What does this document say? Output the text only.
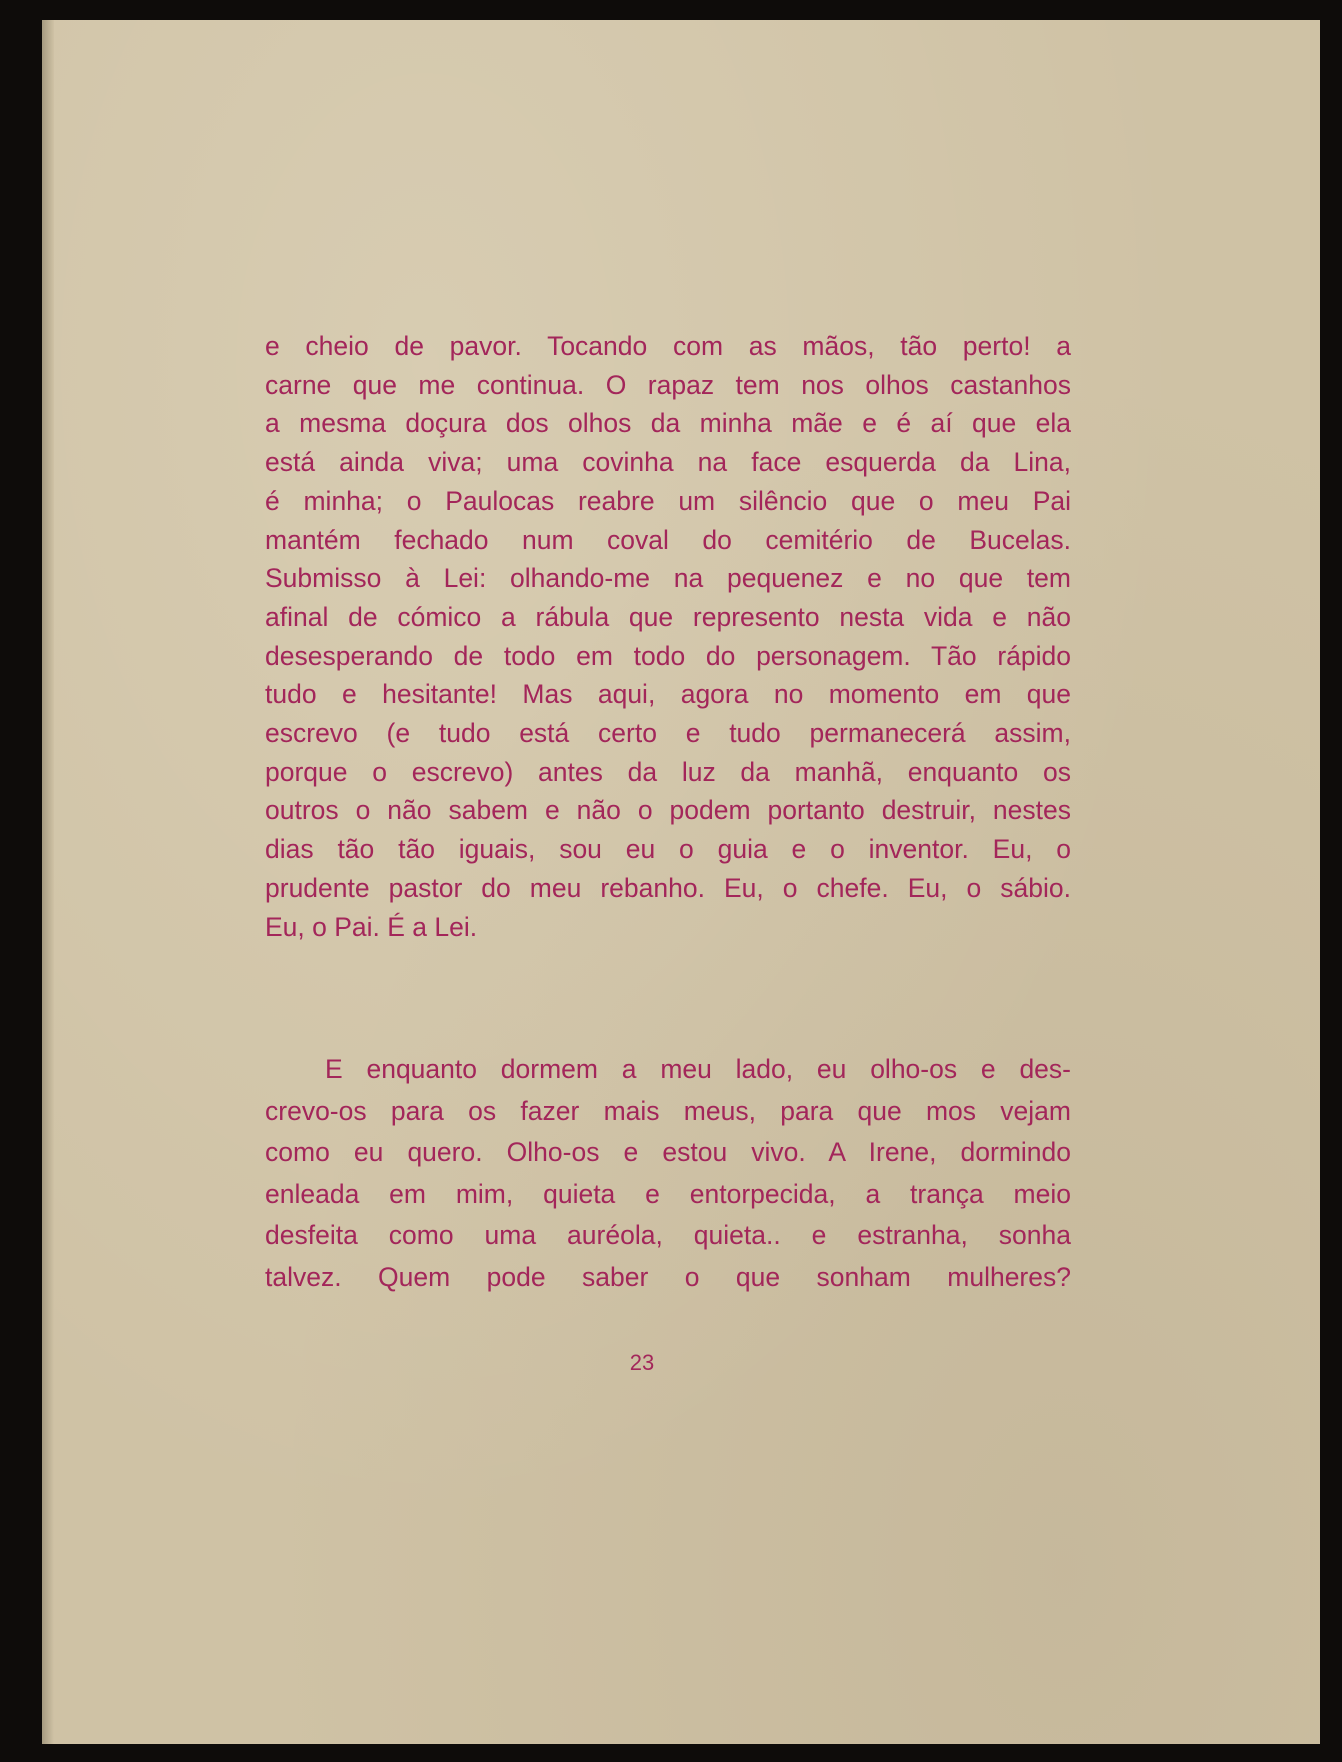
e cheio de pavor. Tocando com as mãos, tão perto! a
carne que me continua. O rapaz tem nos olhos castanhos
a mesma doçura dos olhos da minha mãe e é aí que ela
está ainda viva; uma covinha na face esquerda da Lina,
é minha; o Paulocas reabre um silêncio que o meu Pai
mantém fechado num coval do cemitério de Bucelas.
Submisso à Lei: olhando-me na pequenez e no que tem
afinal de cómico a rábula que represento nesta vida e não
desesperando de todo em todo do personagem. Tão rápido
tudo e hesitante! Mas aqui, agora no momento em que
escrevo (e tudo está certo e tudo permanecerá assim,
porque o escrevo) antes da luz da manhã, enquanto os
outros o não sabem e não o podem portanto destruir, nestes
dias tão tão iguais, sou eu o guia e o inventor. Eu, o
prudente pastor do meu rebanho. Eu, o chefe. Eu, o sábio.
Eu, o Pai. É a Lei.
E enquanto dormem a meu lado, eu olho-os e des-
crevo-os para os fazer mais meus, para que mos vejam
como eu quero. Olho-os e estou vivo. A Irene, dormindo
enleada em mim, quieta e entorpecida, a trança meio
desfeita como uma auréola, quieta.. e estranha, sonha
talvez. Quem pode saber o que sonham mulheres?
23
